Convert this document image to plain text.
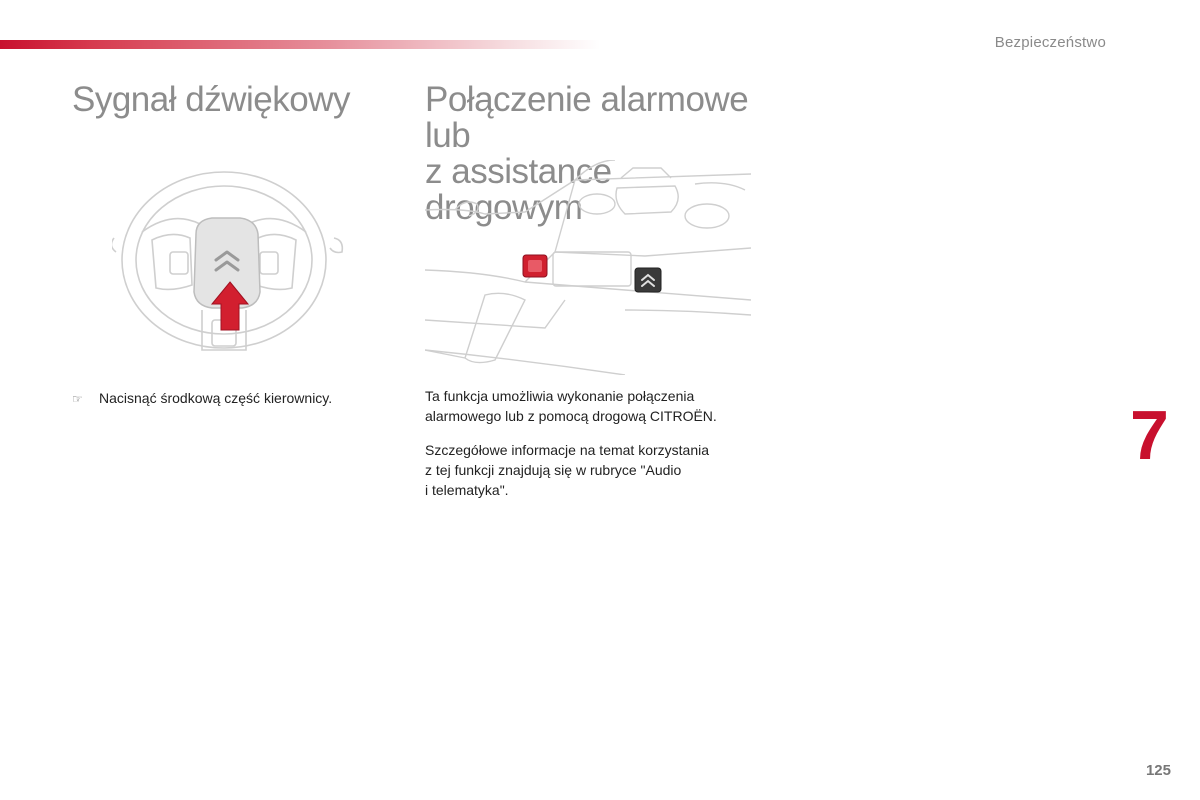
Bezpieczeństwo
Sygnał dźwiękowy
☞ Nacisnąć środkową część kierownicy.
Połączenie alarmowe lub
z assistance drogowym

Ta funkcja umożliwia wykonanie połączenia
alarmowego lub z pomocą drogową CITROËN.

Szczegółowe informacje na temat korzystania
z tej funkcji znajdują się w rubryce "Audio
i telematyka".

7
125
